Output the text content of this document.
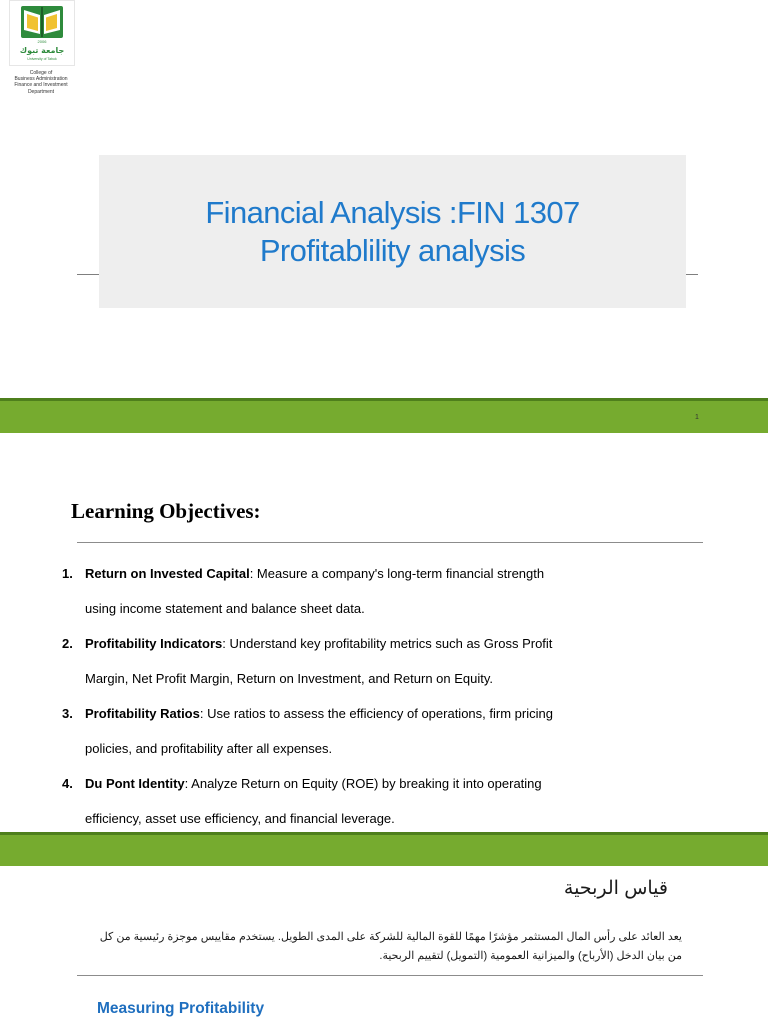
2006
جامعة تبوك
University of Tabuk
College of
Business Administration
Finance and Investment
Department
Financial Analysis :FIN 1307
Profitablility analysis
1
Learning Objectives:
1. Return on Invested Capital: Measure a company's long-term financial strength
using income statement and balance sheet data.
2. Profitability Indicators: Understand key profitability metrics such as Gross Profit
Margin, Net Profit Margin, Return on Investment, and Return on Equity.
3. Profitability Ratios: Use ratios to assess the efficiency of operations, firm pricing
policies, and profitability after all expenses.
4. Du Pont Identity: Analyze Return on Equity (ROE) by breaking it into operating
efficiency, asset use efficiency, and financial leverage.
قياس الربحية
يعد العائد على رأس المال المستثمر مؤشرًا مهمًا للقوة المالية للشركة على المدى الطويل. يستخدم مقاييس موجزة رئيسية من كل
من بيان الدخل (الأرباح) والميزانية العمومية (التمويل) لتقييم الربحية.
Measuring Profitability
